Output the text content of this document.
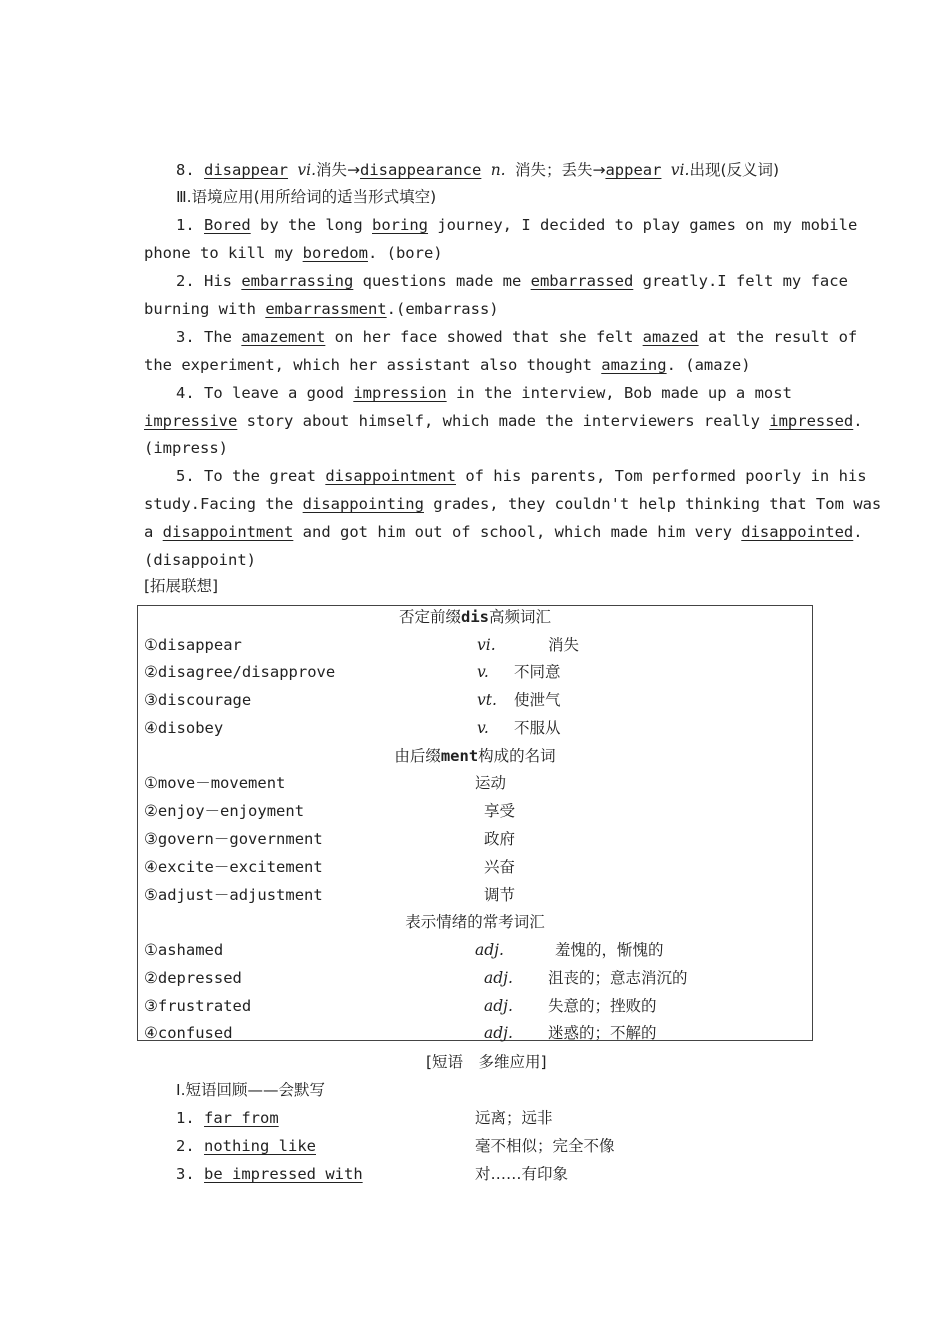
8. disappear vi.消失→disappearance n. 消失；丢失→appear vi.出现(反义词)
Ⅲ.语境应用(用所给词的适当形式填空)
1. Bored by the long boring journey, I decided to play games on my mobile
phone to kill my boredom. (bore)
2. His embarrassing questions made me embarrassed greatly.I felt my face
burning with embarrassment.(embarrass)
3. The amazement on her face showed that she felt amazed at the result of
the experiment, which her assistant also thought amazing. (amaze)
4. To leave a good impression in the interview, Bob made up a most
impressive story about himself, which made the interviewers really impressed.
(impress)
5. To the great disappointment of his parents, Tom performed poorly in his
study.Facing the disappointing grades, they couldn't help thinking that Tom was
a disappointment and got him out of school, which made him very disappointed.
(disappoint)
[拓展联想]
否定前缀dis高频词汇
①disappear	vi.	消失
②disagree/disapprove	v. 不同意
③discourage	vt. 使泄气
④disobey	v. 不服从
由后缀ment构成的名词
①move－movement	运动
②enjoy－enjoyment	享受
③govern－government	政府
④excite－excitement	兴奋
⑤adjust－adjustment	调节
表示情绪的常考词汇
①ashamed	adj.	羞愧的，惭愧的
②depressed	adj. 沮丧的；意志消沉的
③frustrated	adj. 失意的；挫败的
④confused	adj. 迷惑的；不解的
[短语　多维应用]
Ⅰ.短语回顾——会默写
1. far from	远离；远非
2. nothing like	毫不相似；完全不像
3. be impressed with	对……有印象
